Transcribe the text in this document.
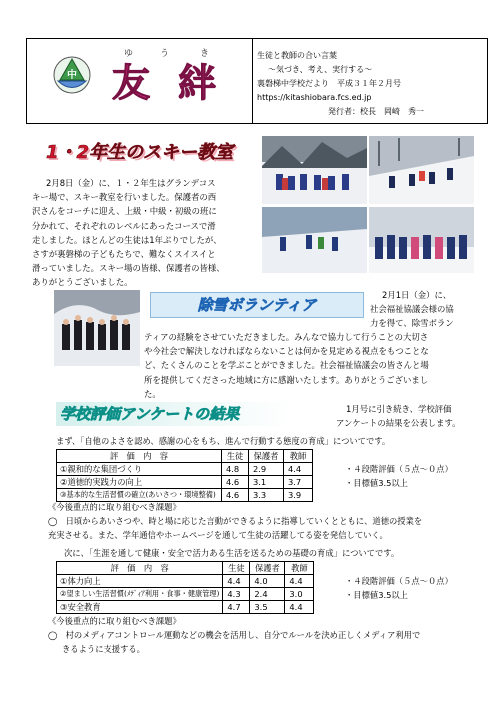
中
ゆ	う	き
友 絆
生徒と教師の合い言葉
～気づき、考え、実行する～
裏磐梯中学校だより　平成３１年２月号
https://kitashiobara.fcs.ed.jp
発行者：校長　岡崎　秀一
1・2年生のスキー教室
2月8日（金）に、１・２年生はグランデコス
キー場で、スキー教室を行いました。保護者の西
沢さんをコーチに迎え、上級・中級・初級の班に
分かれて、それぞれのレベルにあったコースで滑
走しました。ほとんどの生徒は1年ぶりでしたが、
さすが裏磐梯の子どもたちで、難なくスイスイと
滑っていました。スキー場の皆様、保護者の皆様、
ありがとうございました。
除雪ボランティア
2月1日（金）に、
社会福祉協議会様の協
力を得て、除雪ボラン
ティアの経験をさせていただきました。みんなで協力して行うことの大切さ
や今社会で解決しなければならないことは何かを見定める視点をもつことな
ど、たくさんのことを学ぶことができました。社会福祉協議会の皆さんと場
所を提供してくださった地域に方に感謝いたします。ありがとうございまし
た。
学校評価アンケートの結果	1月号に引き続き、学校評価
アンケートの結果を公表します。
まず、「自他のよさを認め、感謝の心をもち、進んで行動する態度の育成」についてです。
評　価　内　容	生徒	保護者	教師
①親和的な集団づくり	4.8	2.9	4.4
②道徳的実践力の向上	4.6	3.1	3.7
③基本的な生活習慣の確立(あいさつ・環境整備)	4.6	3.3	3.9
・４段階評価（５点～０点）
・目標値3.5以上
《今後重点的に取り組むべき課題》
◯　日頃からあいさつや、時と場に応じた言動ができるように指導していくとともに、道徳の授業を
充実させる。また、学年通信やホームページを通して生徒の活躍してる姿を発信していく。
次に、「生涯を通して健康・安全で活力ある生活を送るための基礎の育成」についてです。
評　価　内　容	生徒	保護者	教師
①体力向上	4.4	4.0	4.4
②望ましい生活習慣(ﾒﾃﾞｨｱ利用・食事・健康管理)	4.3	2.4	3.0
③安全教育	4.7	3.5	4.4
・４段階評価（５点～０点）
・目標値3.5以上
《今後重点的に取り組むべき課題》
◯　村のメディアコントロール運動などの機会を活用し、自分でルールを決め正しくメディア利用で
きるように支援する。
